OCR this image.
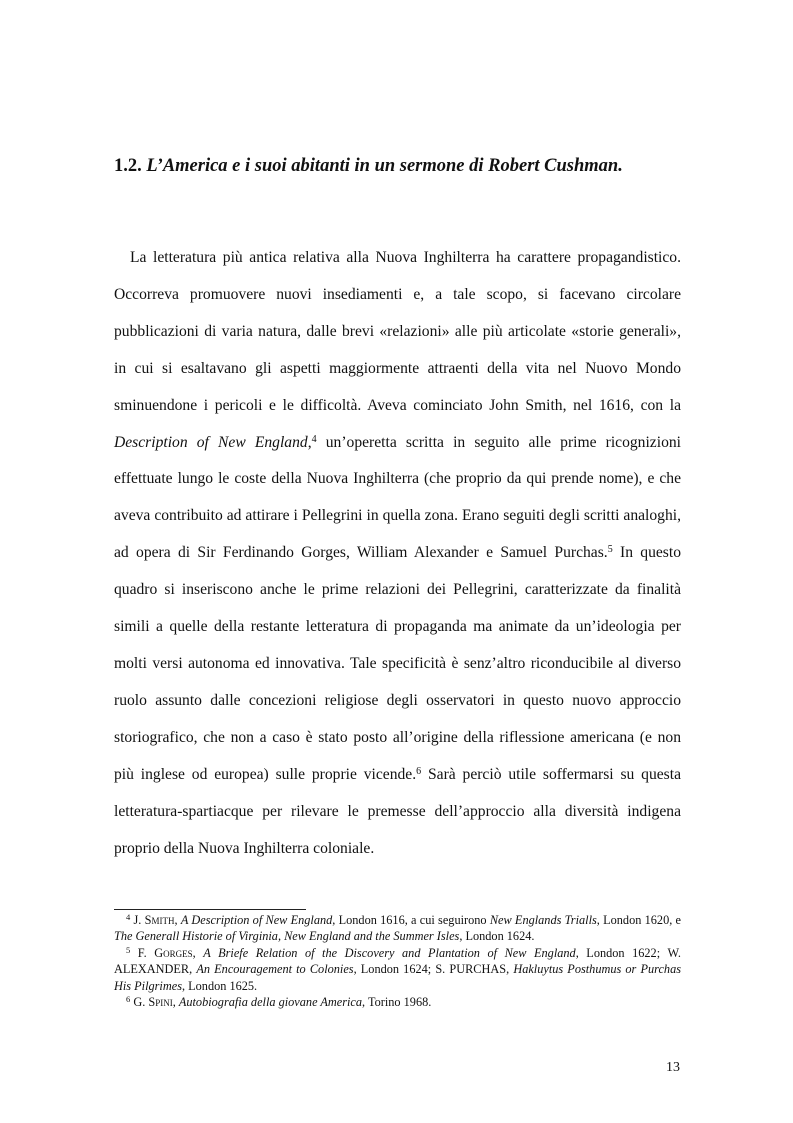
1.2. L’America e i suoi abitanti in un sermone di Robert Cushman.

La letteratura più antica relativa alla Nuova Inghilterra ha carattere propagandistico. Occorreva promuovere nuovi insediamenti e, a tale scopo, si facevano circolare pubblicazioni di varia natura, dalle brevi «relazioni» alle più articolate «storie generali», in cui si esaltavano gli aspetti maggiormente attraenti della vita nel Nuovo Mondo sminuendone i pericoli e le difficoltà. Aveva cominciato John Smith, nel 1616, con la Description of New England,$^4$ un’operetta scritta in seguito alle prime ricognizioni effettuate lungo le coste della Nuova Inghilterra (che proprio da qui prende nome), e che aveva contribuito ad attirare i Pellegrini in quella zona. Erano seguiti degli scritti analoghi, ad opera di Sir Ferdinando Gorges, William Alexander e Samuel Purchas.$^5$ In questo quadro si inseriscono anche le prime relazioni dei Pellegrini, caratterizzate da finalità simili a quelle della restante letteratura di propaganda ma animate da un’ideologia per molti versi autonoma ed innovativa. Tale specificità è senz’altro riconducibile al diverso ruolo assunto dalle concezioni religiose degli osservatori in questo nuovo approccio storiografico, che non a caso è stato posto all’origine della riflessione americana (e non più inglese od europea) sulle proprie vicende.$^6$ Sarà perciò utile soffermarsi su questa letteratura-spartiacque per rilevare le premesse dell’approccio alla diversità indigena proprio della Nuova Inghilterra coloniale.

$^4$ J. Smith, A Description of New England, London 1616, a cui seguirono New Englands Trialls, London 1620, e The Generall Historie of Virginia, New England and the Summer Isles, London 1624.

$^5$ F. Gorges, A Briefe Relation of the Discovery and Plantation of New England, London 1622; W. ALEXANDER, An Encouragement to Colonies, London 1624; S. PURCHAS, Hakluytus Posthumus or Purchas His Pilgrimes, London 1625.

$^6$ G. Spini, Autobiografia della giovane America, Torino 1968.

13
